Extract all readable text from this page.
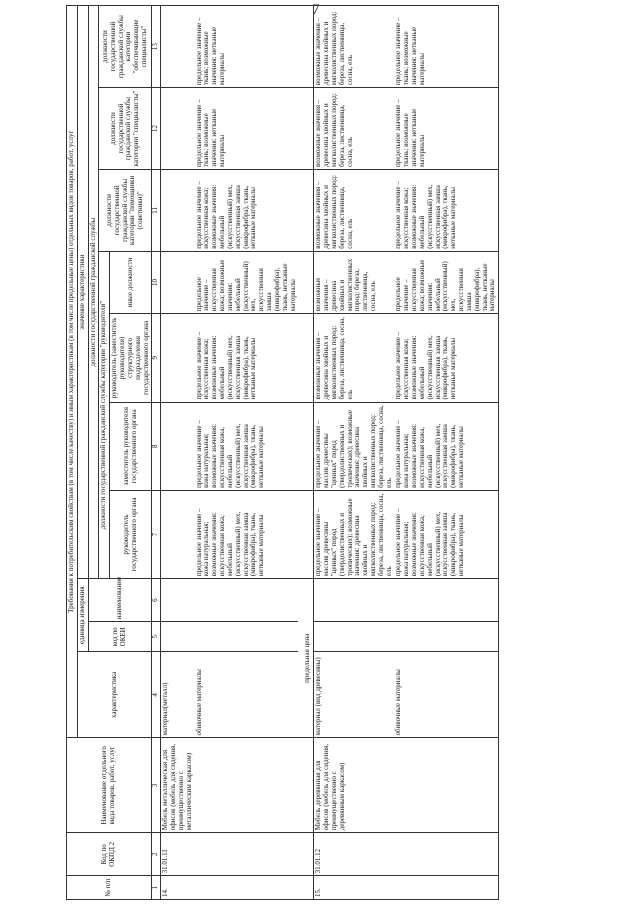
7
№ п/п	Код по ОКПД 2	Наименование отдельного вида товаров, работ, услуг	Требования к потребительским свойствам (в том числе качеству) и иным характеристикам (в том числе предельные цены) отдельных видов товаров, работ, услуг									
			характеристика	единица измерения		значение характеристики						
				код по ОКЕИ	наименование	должности государственной гражданской службы						
						должности государственной гражданской службы категории "руководители"				должности государственной гражданской службы категории "помощники (советники)"	должности государственной гражданской службы категории "специалисты"	должности государственной гражданской службы категории "обеспечивающие специалисты"
						руководитель государственного органа	заместитель руководителя государственного органа	руководитель (заместитель руководителя) структурного подразделения государственного органа	иные должности			
1	2	3	4	5	6	7	8	9	10	11	12	13
14.	31.01.11	Мебель металлическая для офисов (мебель для сидения, преимущественно с металлическим каркасом)	материал(металл)									
			обивочные материалы			предельное значение – кожа натуральная; возможные значения: искусственная кожа, мебельный (искусственный) мех, искусственная замша (микрофибра), ткань, нетканые материалы	предельное значение – кожа натуральная; возможные значения: искусственная кожа, мебельный (искусственный) мех, искусственная замша (микрофибра), ткань, нетканые материалы	предельное значение – искусственная кожа; возможные значения: мебельный (искусственный) мех, искусственная замша (микрофибра), ткань, нетканые материалы	предельное значение – искусственная кожа; возможные значения: мебельный (искусственный) мех, искусственная замша (микрофибра), ткань, нетканые материалы	предельное значение – искусственная кожа; возможные значения: мебельный (искусственный) мех, искусственная замша (микрофибра), ткань, нетканые материалы	предельное значение – ткань; возможные значения: нетканые материалы	предельное значение – ткань; возможные значения: нетканые материалы
			предельная цена									
15.	31.01.12	Мебель деревянная для офисов (мебель для сидения, преимущественно с деревянным каркасом)	материал (вид древесины)			предельное значение – массив древесины "ценных" пород (твердолиственных и тропических); возможные значения: древесина хвойных и мягколиственных пород: береза, лиственница, сосна, ель	предельное значение – массив древесины "ценных" пород (твердолиственных и тропических); возможные значения: древесина хвойных и мягколиственных пород: береза, лиственница, сосна, ель	возможные значения – древесина хвойных и мягколиственных пород: береза, лиственница, сосна, ель	возможные значения – древесина хвойных и мягколиственных пород: береза, лиственница, сосна, ель	возможные значения – древесина хвойных и мягколиственных пород: береза, лиственница, сосна, ель	возможные значения – древесина хвойных и мягколиственных пород: береза, лиственница, сосна, ель	возможные значения – древесина хвойных и мягколиственных пород: береза, лиственница, сосна, ель
			обивочные материалы			предельное значение – кожа натуральная; возможные значения: искусственная кожа, мебельный (искусственный) мех, искусственная замша (микрофибра), ткань, нетканые материалы	предельное значение – кожа натуральная; возможные значения: искусственная кожа, мебельный (искусственный) мех, искусственная замша (микрофибра), ткань, нетканые материалы	предельное значение – искусственная кожа; возможные значения: мебельный (искусственный) мех, искусственная замша (микрофибра), ткань, нетканые материалы	предельное значение – искусственная кожа; возможные значения: мебельный (искусственный) мех, искусственная замша (микрофибра), ткань, нетканые материалы	предельное значение – искусственная кожа; возможные значения: мебельный (искусственный) мех, искусственная замша (микрофибра), ткань, нетканые материалы	предельное значение – ткань; возможные значения: нетканые материалы	предельное значение – ткань; возможные значения: нетканые материалы
